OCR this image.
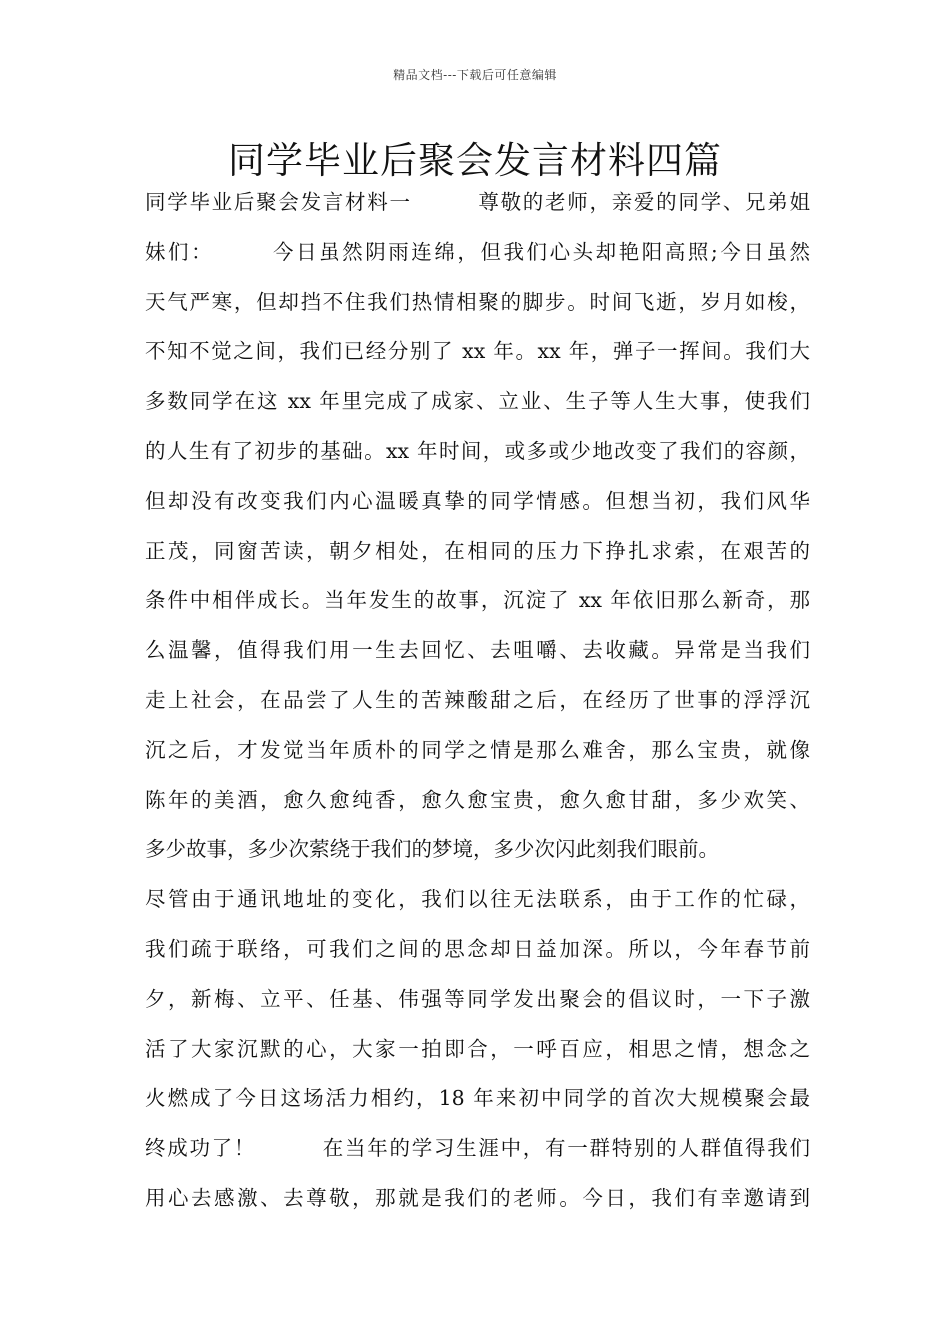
精品文档---下载后可任意编辑
同学毕业后聚会发言材料四篇
同学毕业后聚会发言材料一　　　尊敬的老师，亲爱的同学、兄弟姐
妹们：　　　今日虽然阴雨连绵，但我们心头却艳阳高照;今日虽然
天气严寒，但却挡不住我们热情相聚的脚步。时间飞逝，岁月如梭，
不知不觉之间，我们已经分别了 xx 年。xx 年，弹子一挥间。我们大
多数同学在这 xx 年里完成了成家、立业、生子等人生大事，使我们
的人生有了初步的基础。xx 年时间，或多或少地改变了我们的容颜，
但却没有改变我们内心温暖真挚的同学情感。但想当初，我们风华
正茂，同窗苦读，朝夕相处，在相同的压力下挣扎求索，在艰苦的
条件中相伴成长。当年发生的故事，沉淀了 xx 年依旧那么新奇，那
么温馨，值得我们用一生去回忆、去咀嚼、去收藏。异常是当我们
走上社会，在品尝了人生的苦辣酸甜之后，在经历了世事的浮浮沉
沉之后，才发觉当年质朴的同学之情是那么难舍，那么宝贵，就像
陈年的美酒，愈久愈纯香，愈久愈宝贵，愈久愈甘甜，多少欢笑、
多少故事，多少次萦绕于我们的梦境，多少次闪此刻我们眼前。
尽管由于通讯地址的变化，我们以往无法联系，由于工作的忙碌，
我们疏于联络，可我们之间的思念却日益加深。所以，今年春节前
夕，新梅、立平、任基、伟强等同学发出聚会的倡议时，一下子激
活了大家沉默的心，大家一拍即合，一呼百应，相思之情，想念之
火燃成了今日这场活力相约，18 年来初中同学的首次大规模聚会最
终成功了！　　　在当年的学习生涯中，有一群特别的人群值得我们
用心去感激、去尊敬，那就是我们的老师。今日，我们有幸邀请到
